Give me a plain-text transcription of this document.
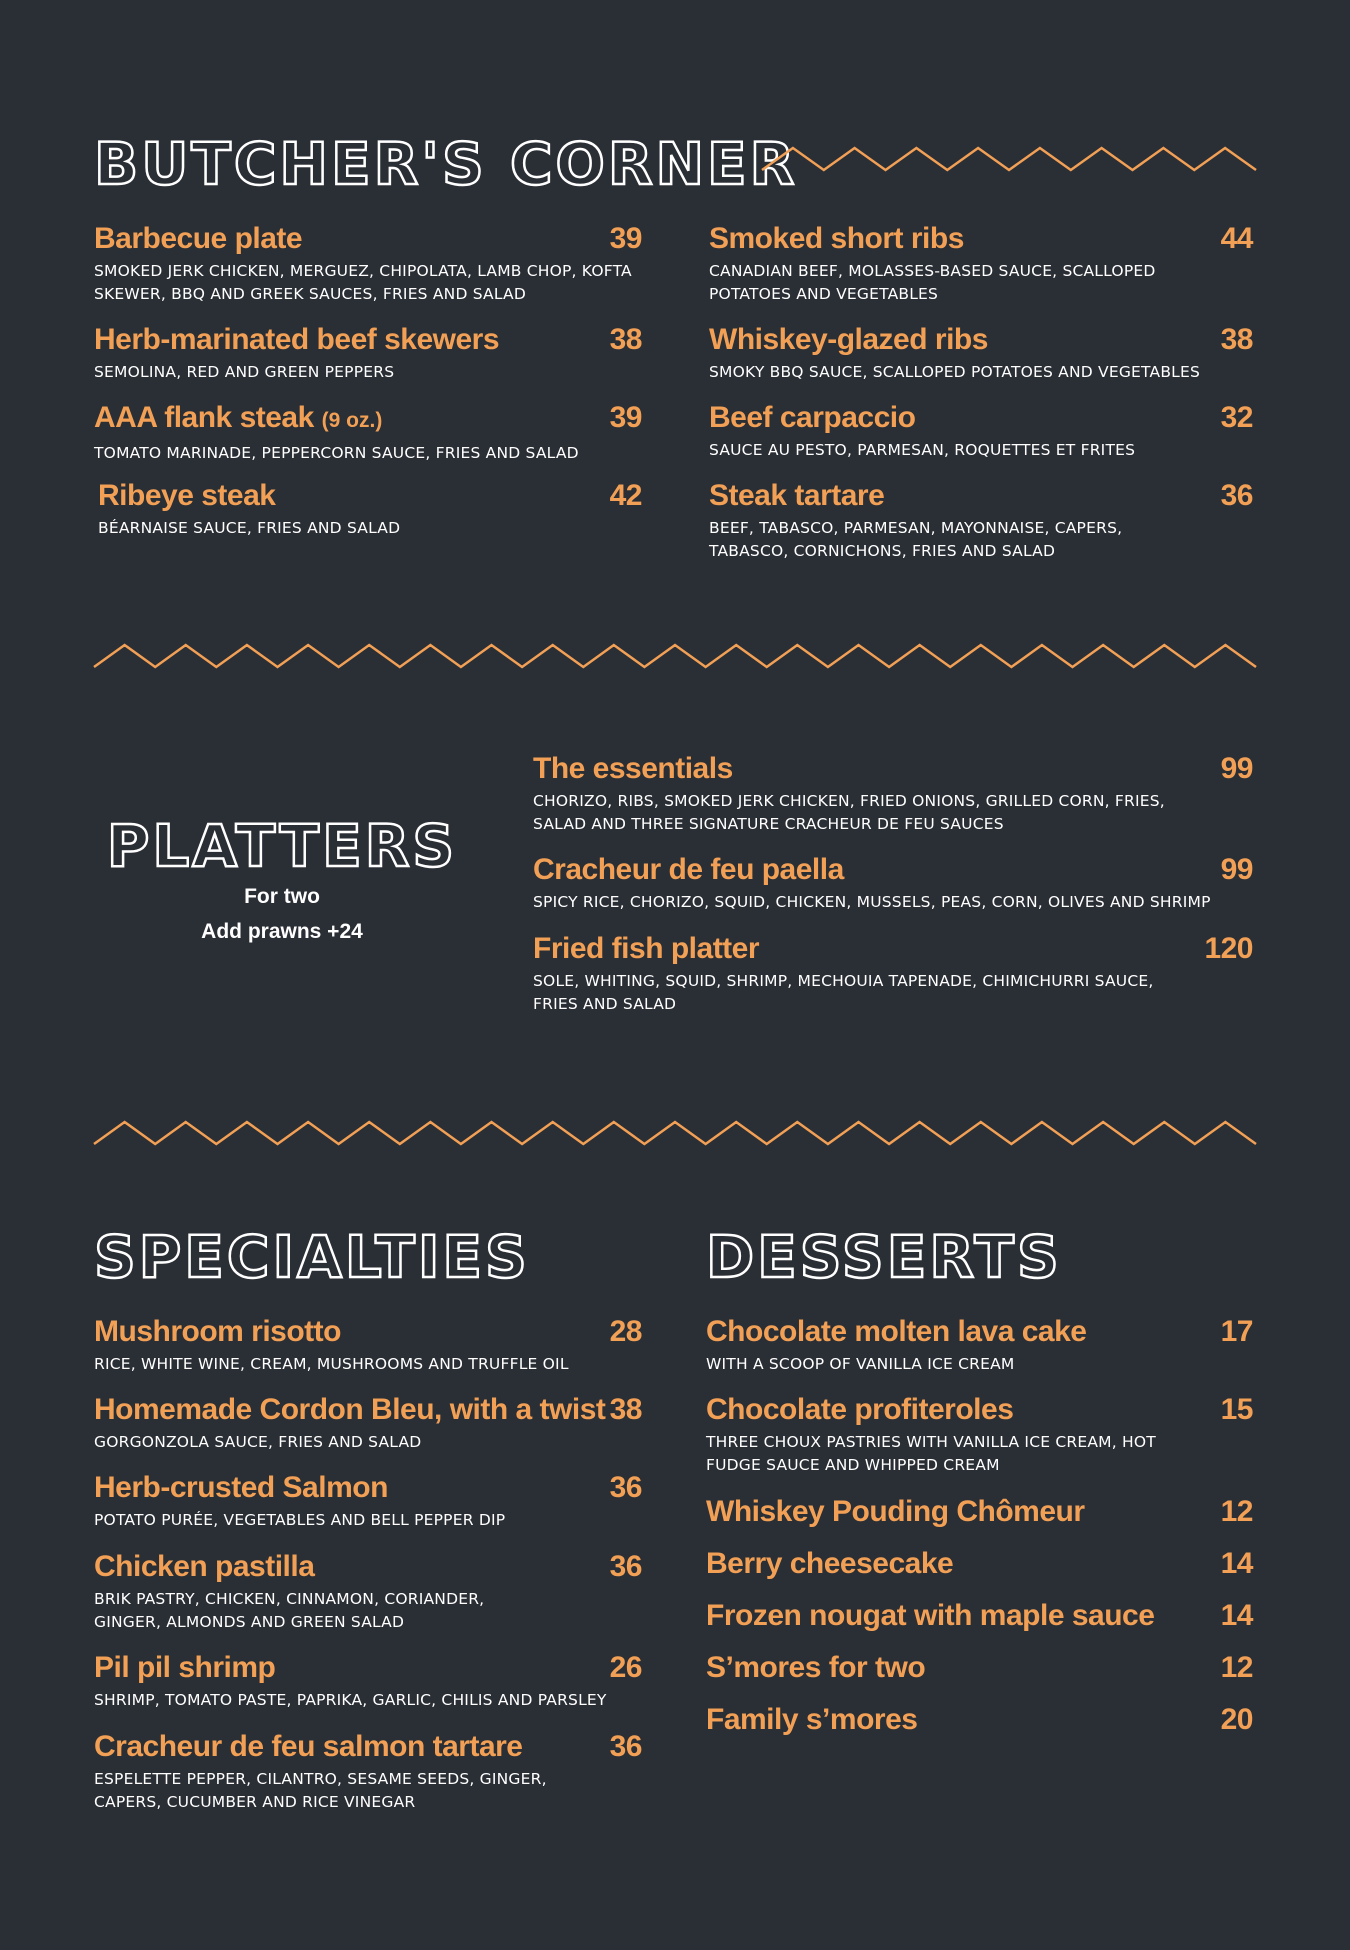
BUTCHER'S CORNER
Barbecue plate	39
SMOKED JERK CHICKEN, MERGUEZ, CHIPOLATA, LAMB CHOP, KOFTA SKEWER, BBQ AND GREEK SAUCES, FRIES AND SALAD
Smoked short ribs	44
CANADIAN BEEF, MOLASSES-BASED SAUCE, SCALLOPED POTATOES AND VEGETABLES
Herb-marinated beef skewers	38
SEMOLINA, RED AND GREEN PEPPERS
Whiskey-glazed ribs	38
SMOKY BBQ SAUCE, SCALLOPED POTATOES AND VEGETABLES
AAA flank steak (9 oz.)	39
TOMATO MARINADE, PEPPERCORN SAUCE, FRIES AND SALAD
Beef carpaccio	32
SAUCE AU PESTO, PARMESAN, ROQUETTES ET FRITES
Ribeye steak	42
BÉARNAISE SAUCE, FRIES AND SALAD
Steak tartare	36
BEEF, TABASCO, PARMESAN, MAYONNAISE, CAPERS, TABASCO, CORNICHONS, FRIES AND SALAD
PLATTERS
For two
Add prawns +24
The essentials	99
CHORIZO, RIBS, SMOKED JERK CHICKEN, FRIED ONIONS, GRILLED CORN, FRIES, SALAD AND THREE SIGNATURE CRACHEUR DE FEU SAUCES
Cracheur de feu paella	99
SPICY RICE, CHORIZO, SQUID, CHICKEN, MUSSELS, PEAS, CORN, OLIVES AND SHRIMP
Fried fish platter	120
SOLE, WHITING, SQUID, SHRIMP, MECHOUIA TAPENADE, CHIMICHURRI SAUCE, FRIES AND SALAD
SPECIALTIES
Mushroom risotto	28
RICE, WHITE WINE, CREAM, MUSHROOMS AND TRUFFLE OIL
Homemade Cordon Bleu, with a twist 38
GORGONZOLA SAUCE, FRIES AND SALAD
Herb-crusted Salmon	36
POTATO PURÉE, VEGETABLES AND BELL PEPPER DIP
Chicken pastilla	36
BRIK PASTRY, CHICKEN, CINNAMON, CORIANDER, GINGER, ALMONDS AND GREEN SALAD
Pil pil shrimp	26
SHRIMP, TOMATO PASTE, PAPRIKA, GARLIC, CHILIS AND PARSLEY
Cracheur de feu salmon tartare	36
ESPELETTE PEPPER, CILANTRO, SESAME SEEDS, GINGER, CAPERS, CUCUMBER AND RICE VINEGAR
DESSERTS
Chocolate molten lava cake	17
WITH A SCOOP OF VANILLA ICE CREAM
Chocolate profiteroles	15
THREE CHOUX PASTRIES WITH VANILLA ICE CREAM, HOT FUDGE SAUCE AND WHIPPED CREAM
Whiskey Pouding Chômeur	12
Berry cheesecake	14
Frozen nougat with maple sauce 14
S’mores for two	12
Family s’mores	20
